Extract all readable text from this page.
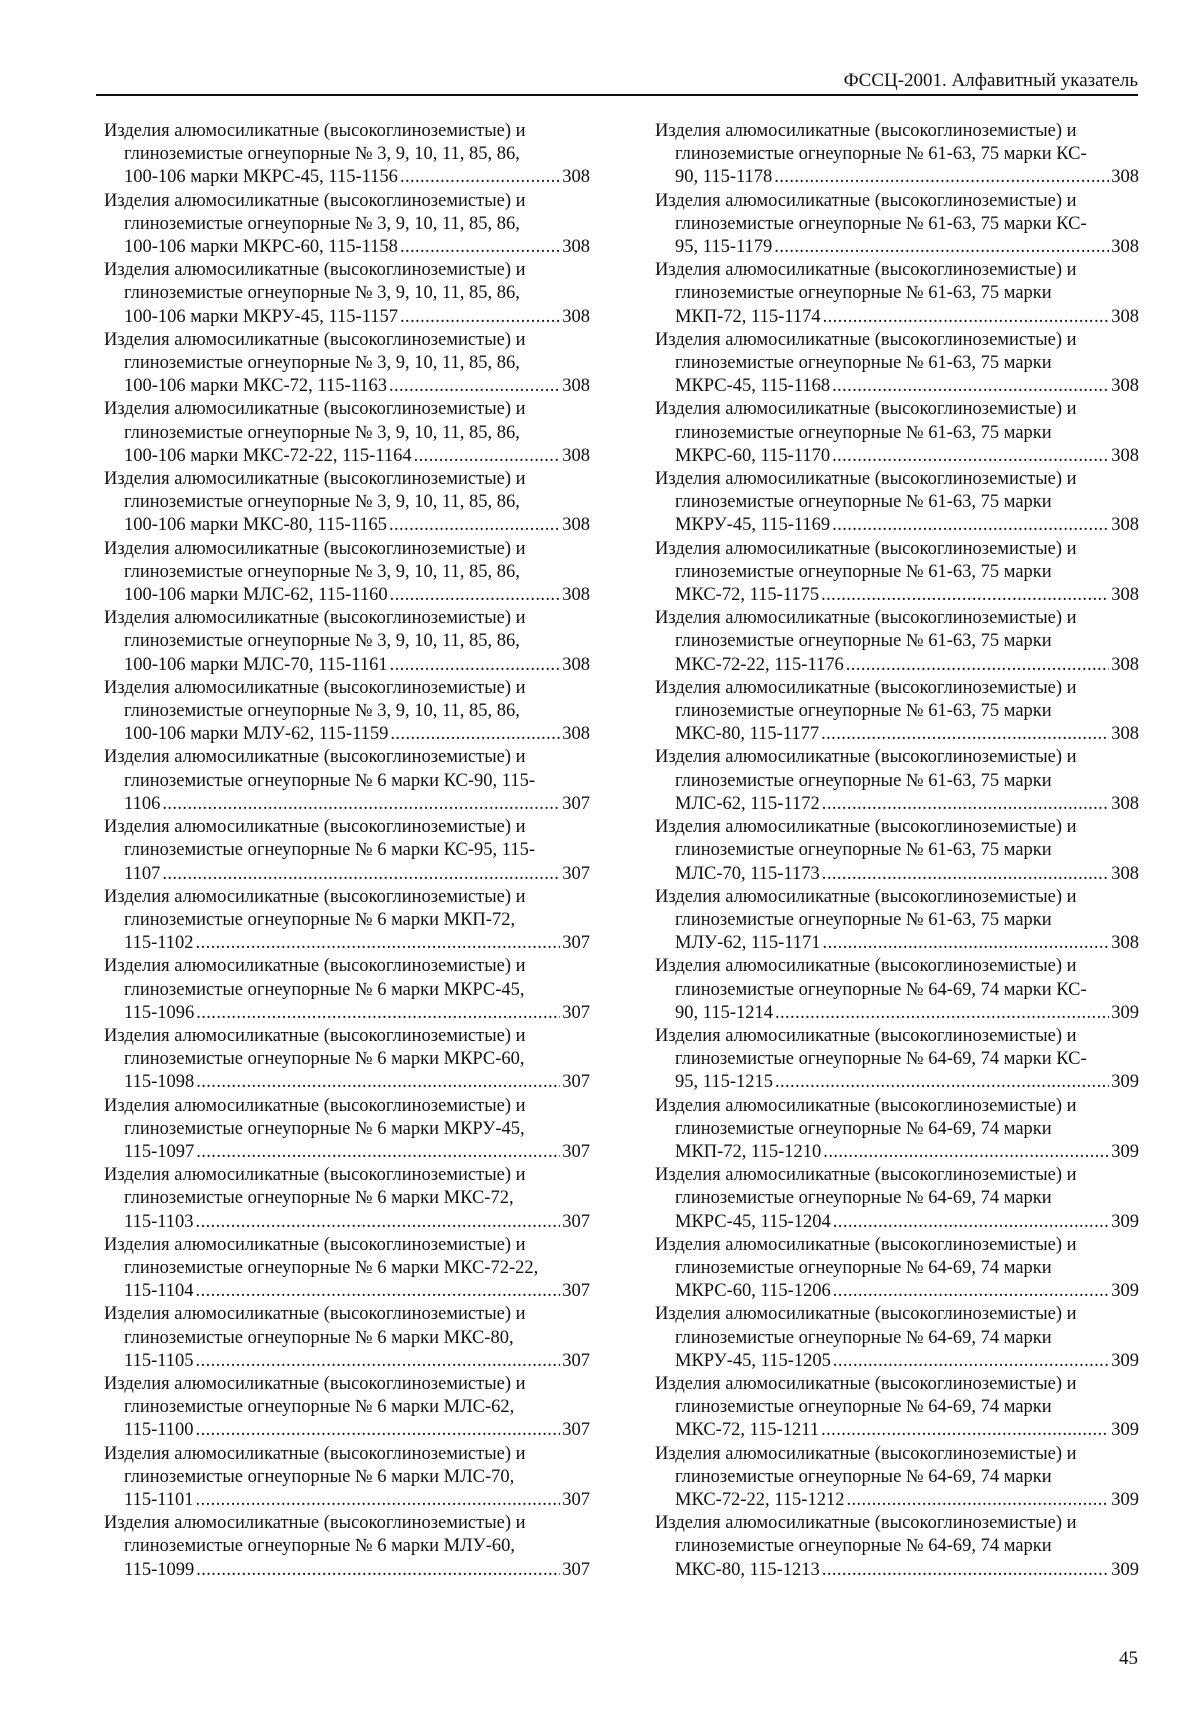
ФССЦ-2001. Алфавитный указатель
Изделия алюмосиликатные (высокоглиноземистые) и
глиноземистые огнеупорные № 3, 9, 10, 11, 85, 86,
100-106 марки МКРС-45, 115-1156 .....	308
Изделия алюмосиликатные (высокоглиноземистые) и
глиноземистые огнеупорные № 3, 9, 10, 11, 85, 86,
100-106 марки МКРС-60, 115-1158 .....	308
Изделия алюмосиликатные (высокоглиноземистые) и
глиноземистые огнеупорные № 3, 9, 10, 11, 85, 86,
100-106 марки МКРУ-45, 115-1157 .....	308
Изделия алюмосиликатные (высокоглиноземистые) и
глиноземистые огнеупорные № 3, 9, 10, 11, 85, 86,
100-106 марки МКС-72, 115-1163 .....	308
Изделия алюмосиликатные (высокоглиноземистые) и
глиноземистые огнеупорные № 3, 9, 10, 11, 85, 86,
100-106 марки МКС-72-22, 115-1164 .....	308
Изделия алюмосиликатные (высокоглиноземистые) и
глиноземистые огнеупорные № 3, 9, 10, 11, 85, 86,
100-106 марки МКС-80, 115-1165 .....	308
Изделия алюмосиликатные (высокоглиноземистые) и
глиноземистые огнеупорные № 3, 9, 10, 11, 85, 86,
100-106 марки МЛС-62, 115-1160 .....	308
Изделия алюмосиликатные (высокоглиноземистые) и
глиноземистые огнеупорные № 3, 9, 10, 11, 85, 86,
100-106 марки МЛС-70, 115-1161 .....	308
Изделия алюмосиликатные (высокоглиноземистые) и
глиноземистые огнеупорные № 3, 9, 10, 11, 85, 86,
100-106 марки МЛУ-62, 115-1159 .....	308
Изделия алюмосиликатные (высокоглиноземистые) и
глиноземистые огнеупорные № 6 марки КС-90, 115-
1106 .....	307
Изделия алюмосиликатные (высокоглиноземистые) и
глиноземистые огнеупорные № 6 марки КС-95, 115-
1107 .....	307
Изделия алюмосиликатные (высокоглиноземистые) и
глиноземистые огнеупорные № 6 марки МКП-72,
115-1102 .....	307
Изделия алюмосиликатные (высокоглиноземистые) и
глиноземистые огнеупорные № 6 марки МКРС-45,
115-1096 .....	307
Изделия алюмосиликатные (высокоглиноземистые) и
глиноземистые огнеупорные № 6 марки МКРС-60,
115-1098 .....	307
Изделия алюмосиликатные (высокоглиноземистые) и
глиноземистые огнеупорные № 6 марки МКРУ-45,
115-1097 .....	307
Изделия алюмосиликатные (высокоглиноземистые) и
глиноземистые огнеупорные № 6 марки МКС-72,
115-1103 .....	307
Изделия алюмосиликатные (высокоглиноземистые) и
глиноземистые огнеупорные № 6 марки МКС-72-22,
115-1104 .....	307
Изделия алюмосиликатные (высокоглиноземистые) и
глиноземистые огнеупорные № 6 марки МКС-80,
115-1105 .....	307
Изделия алюмосиликатные (высокоглиноземистые) и
глиноземистые огнеупорные № 6 марки МЛС-62,
115-1100 .....	307
Изделия алюмосиликатные (высокоглиноземистые) и
глиноземистые огнеупорные № 6 марки МЛС-70,
115-1101 .....	307
Изделия алюмосиликатные (высокоглиноземистые) и
глиноземистые огнеупорные № 6 марки МЛУ-60,
115-1099 .....	307
Изделия алюмосиликатные (высокоглиноземистые) и
глиноземистые огнеупорные № 61-63, 75 марки КС-
90, 115-1178 .....	308
Изделия алюмосиликатные (высокоглиноземистые) и
глиноземистые огнеупорные № 61-63, 75 марки КС-
95, 115-1179 .....	308
Изделия алюмосиликатные (высокоглиноземистые) и
глиноземистые огнеупорные № 61-63, 75 марки
МКП-72, 115-1174 .....	308
Изделия алюмосиликатные (высокоглиноземистые) и
глиноземистые огнеупорные № 61-63, 75 марки
МКРС-45, 115-1168 .....	308
Изделия алюмосиликатные (высокоглиноземистые) и
глиноземистые огнеупорные № 61-63, 75 марки
МКРС-60, 115-1170 .....	308
Изделия алюмосиликатные (высокоглиноземистые) и
глиноземистые огнеупорные № 61-63, 75 марки
МКРУ-45, 115-1169 .....	308
Изделия алюмосиликатные (высокоглиноземистые) и
глиноземистые огнеупорные № 61-63, 75 марки
МКС-72, 115-1175 .....	308
Изделия алюмосиликатные (высокоглиноземистые) и
глиноземистые огнеупорные № 61-63, 75 марки
МКС-72-22, 115-1176 .....	308
Изделия алюмосиликатные (высокоглиноземистые) и
глиноземистые огнеупорные № 61-63, 75 марки
МКС-80, 115-1177 .....	308
Изделия алюмосиликатные (высокоглиноземистые) и
глиноземистые огнеупорные № 61-63, 75 марки
МЛС-62, 115-1172 .....	308
Изделия алюмосиликатные (высокоглиноземистые) и
глиноземистые огнеупорные № 61-63, 75 марки
МЛС-70, 115-1173 .....	308
Изделия алюмосиликатные (высокоглиноземистые) и
глиноземистые огнеупорные № 61-63, 75 марки
МЛУ-62, 115-1171 .....	308
Изделия алюмосиликатные (высокоглиноземистые) и
глиноземистые огнеупорные № 64-69, 74 марки КС-
90, 115-1214 .....	309
Изделия алюмосиликатные (высокоглиноземистые) и
глиноземистые огнеупорные № 64-69, 74 марки КС-
95, 115-1215 .....	309
Изделия алюмосиликатные (высокоглиноземистые) и
глиноземистые огнеупорные № 64-69, 74 марки
МКП-72, 115-1210 .....	309
Изделия алюмосиликатные (высокоглиноземистые) и
глиноземистые огнеупорные № 64-69, 74 марки
МКРС-45, 115-1204 .....	309
Изделия алюмосиликатные (высокоглиноземистые) и
глиноземистые огнеупорные № 64-69, 74 марки
МКРС-60, 115-1206 .....	309
Изделия алюмосиликатные (высокоглиноземистые) и
глиноземистые огнеупорные № 64-69, 74 марки
МКРУ-45, 115-1205 .....	309
Изделия алюмосиликатные (высокоглиноземистые) и
глиноземистые огнеупорные № 64-69, 74 марки
МКС-72, 115-1211 .....	309
Изделия алюмосиликатные (высокоглиноземистые) и
глиноземистые огнеупорные № 64-69, 74 марки
МКС-72-22, 115-1212 .....	309
Изделия алюмосиликатные (высокоглиноземистые) и
глиноземистые огнеупорные № 64-69, 74 марки
МКС-80, 115-1213 .....	309
45
